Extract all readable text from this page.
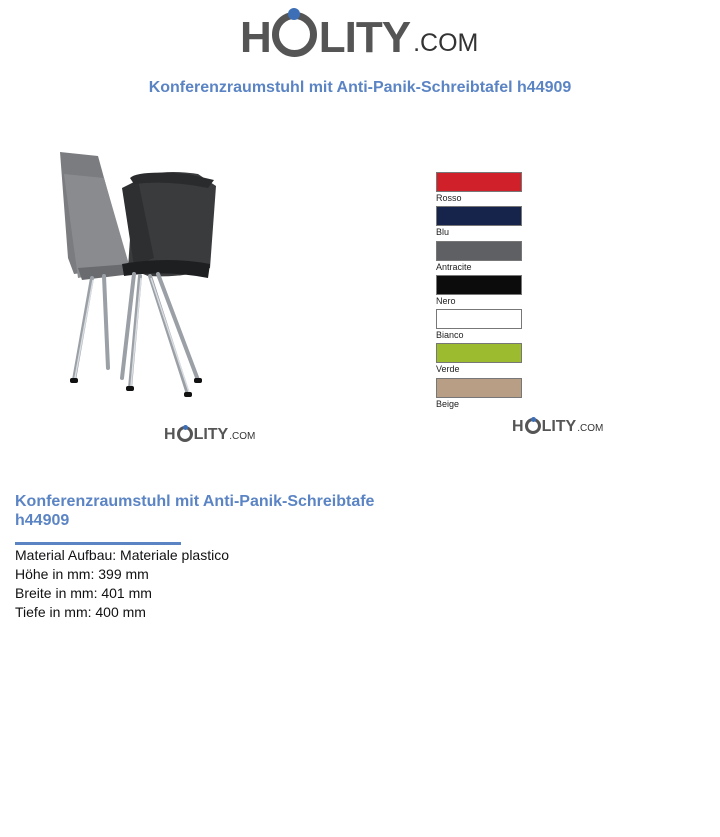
H LITY .COM
Konferenzraumstuhl mit Anti-Panik-Schreibtafel h44909
H LITY .COM
Rosso
Blu
Antracite
Nero
Bianco
Verde
Beige
H LITY .COM
Konferenzraumstuhl mit Anti-Panik-Schreibtafe h44909
Material Aufbau: Materiale plastico
Höhe in mm: 399 mm
Breite in mm: 401 mm
Tiefe in mm: 400 mm
